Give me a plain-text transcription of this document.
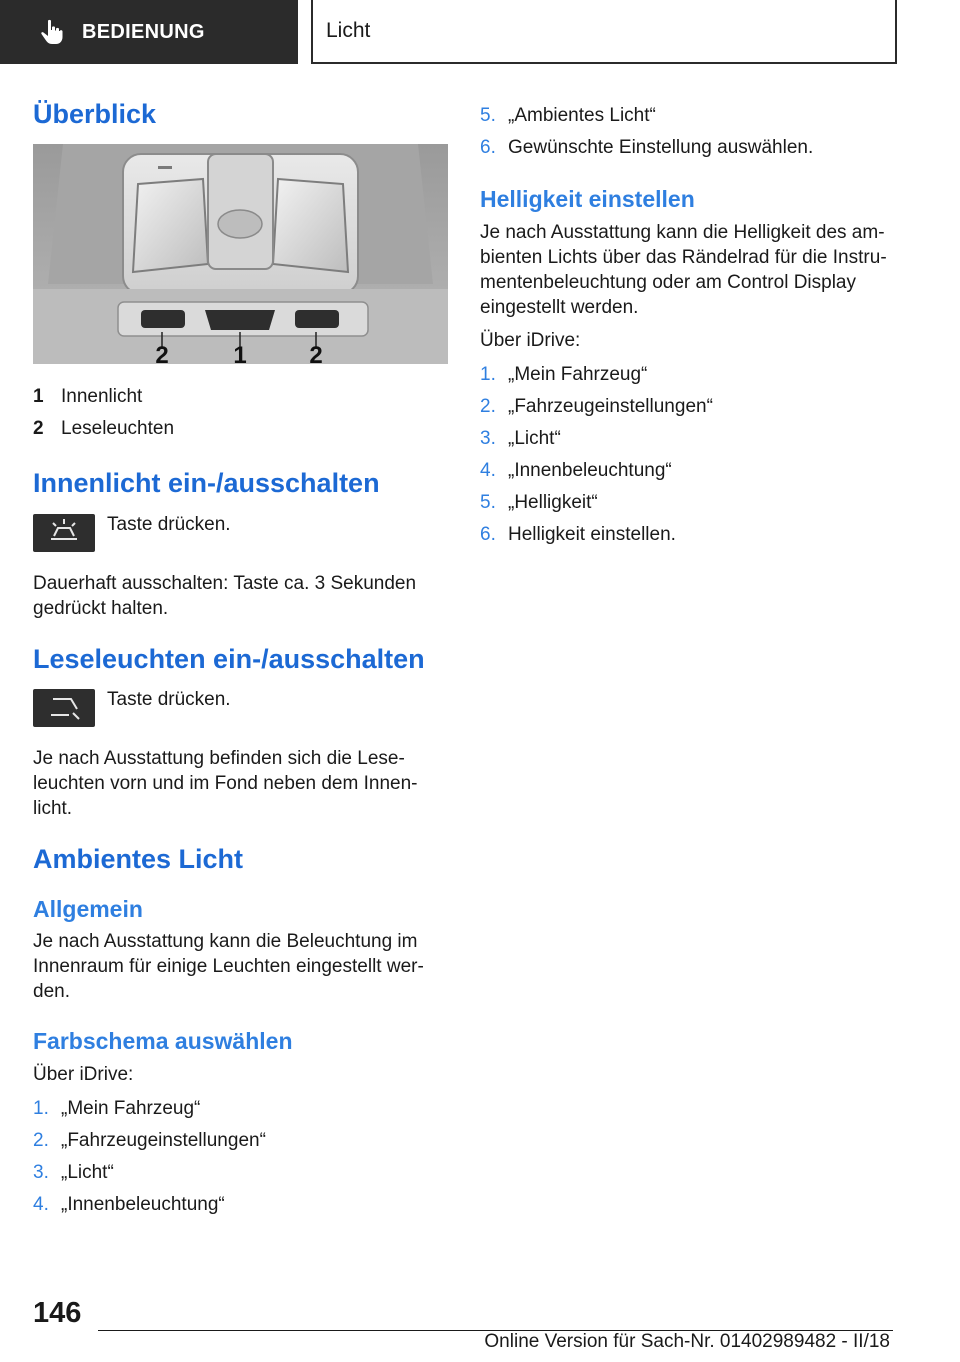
BEDIENUNG	Licht
Überblick
2	1	2
1 Innenlicht
2 Leseleuchten
Innenlicht ein-/ausschalten

Taste drücken.

Dauerhaft ausschalten: Taste ca. 3 Sekunden gedrückt halten.

Leseleuchten ein-/ausschalten

Taste drücken.

Je nach Ausstattung befinden sich die Leseleuchten vorn und im Fond neben dem Innenlicht.

Ambientes Licht
Allgemein

Je nach Ausstattung kann die Beleuchtung im Innenraum für einige Leuchten eingestellt werden.

Farbschema auswählen

Über iDrive:

1. „Mein Fahrzeug“
2. „Fahrzeugeinstellungen“
3. „Licht“
4. „Innenbeleuchtung“
5. „Ambientes Licht“
6. Gewünschte Einstellung auswählen.
Helligkeit einstellen

Je nach Ausstattung kann die Helligkeit des ambienten Lichts über das Rändelrad für die Instrumentenbeleuchtung oder am Control Display eingestellt werden.

Über iDrive:

1. „Mein Fahrzeug“
2. „Fahrzeugeinstellungen“
3. „Licht“
4. „Innenbeleuchtung“
5. „Helligkeit“
6. Helligkeit einstellen.
146
Online Version für Sach-Nr. 01402989482 - II/18
